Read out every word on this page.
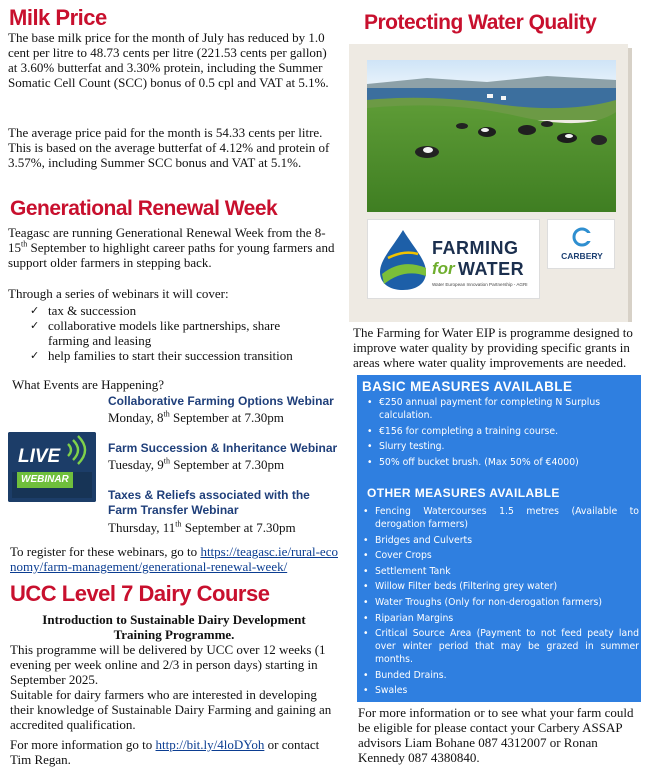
Milk Price

The base milk price for the month of July has reduced by 1.0 cent per litre to 48.73 cents per litre (221.53 cents per gallon) at 3.60% butterfat and 3.30% protein, including the Summer Somatic Cell Count (SCC) bonus of 0.5 cpl and VAT at 5.1%.

The average price paid for the month is 54.33 cents per litre. This is based on the average butterfat of 4.12% and protein of 3.57%, including Summer SCC bonus and VAT at 5.1%.

Generational Renewal Week

Teagasc are running Generational Renewal Week from the 8-15th September to highlight career paths for young farmers and support older farmers in stepping back.

Through a series of webinars it will cover:

✓ tax & succession
✓ collaborative models like partnerships, share farming and leasing
✓ help families to start their succession transition

What Events are Happening?

Collaborative Farming Options Webinar
Monday, 8th September at 7.30pm
LIVE
WEBINAR
Farm Succession & Inheritance Webinar
Tuesday, 9th September at 7.30pm
Taxes & Reliefs associated with the Farm Transfer Webinar
Thursday, 11th September at 7.30pm

To register for these webinars, go to https://teagasc.ie/rural-economy/farm-management/generational-renewal-week/

UCC Level 7 Dairy Course
Introduction to Sustainable Dairy Development Training Programme.

This programme will be delivered by UCC over 12 weeks (1 evening per week online and 2/3 in person days) starting in September 2025.

Suitable for dairy farmers who are interested in developing their knowledge of Sustainable Dairy Farming and gaining an accredited qualification.

For more information go to http://bit.ly/4loDYoh or contact Tim Regan.

Protecting Water Quality
FARMING
for WATER
Water European Innovation Partnership - AGRI
CARBERY

The Farming for Water EIP is programme designed to improve water quality by providing specific grants in areas where water quality improvements are needed.

BASIC MEASURES AVAILABLE
• €250 annual payment for completing N Surplus calculation.
• €156 for completing a training course.
• Slurry testing.
• 50% off bucket brush. (Max 50% of €4000)
OTHER MEASURES AVAILABLE
• Fencing Watercourses 1.5 metres (Available to derogation farmers)
• Bridges and Culverts
• Cover Crops
• Settlement Tank
• Willow Filter beds (Filtering grey water)
• Water Troughs (Only for non-derogation farmers)
• Riparian Margins
• Critical Source Area (Payment to not feed peaty land over winter period that may be grazed in summer months.
• Bunded Drains.
• Swales

For more information or to see what your farm could be eligible for please contact your Carbery ASSAP advisors Liam Bohane 087 4312007 or Ronan Kennedy 087 4380840.
